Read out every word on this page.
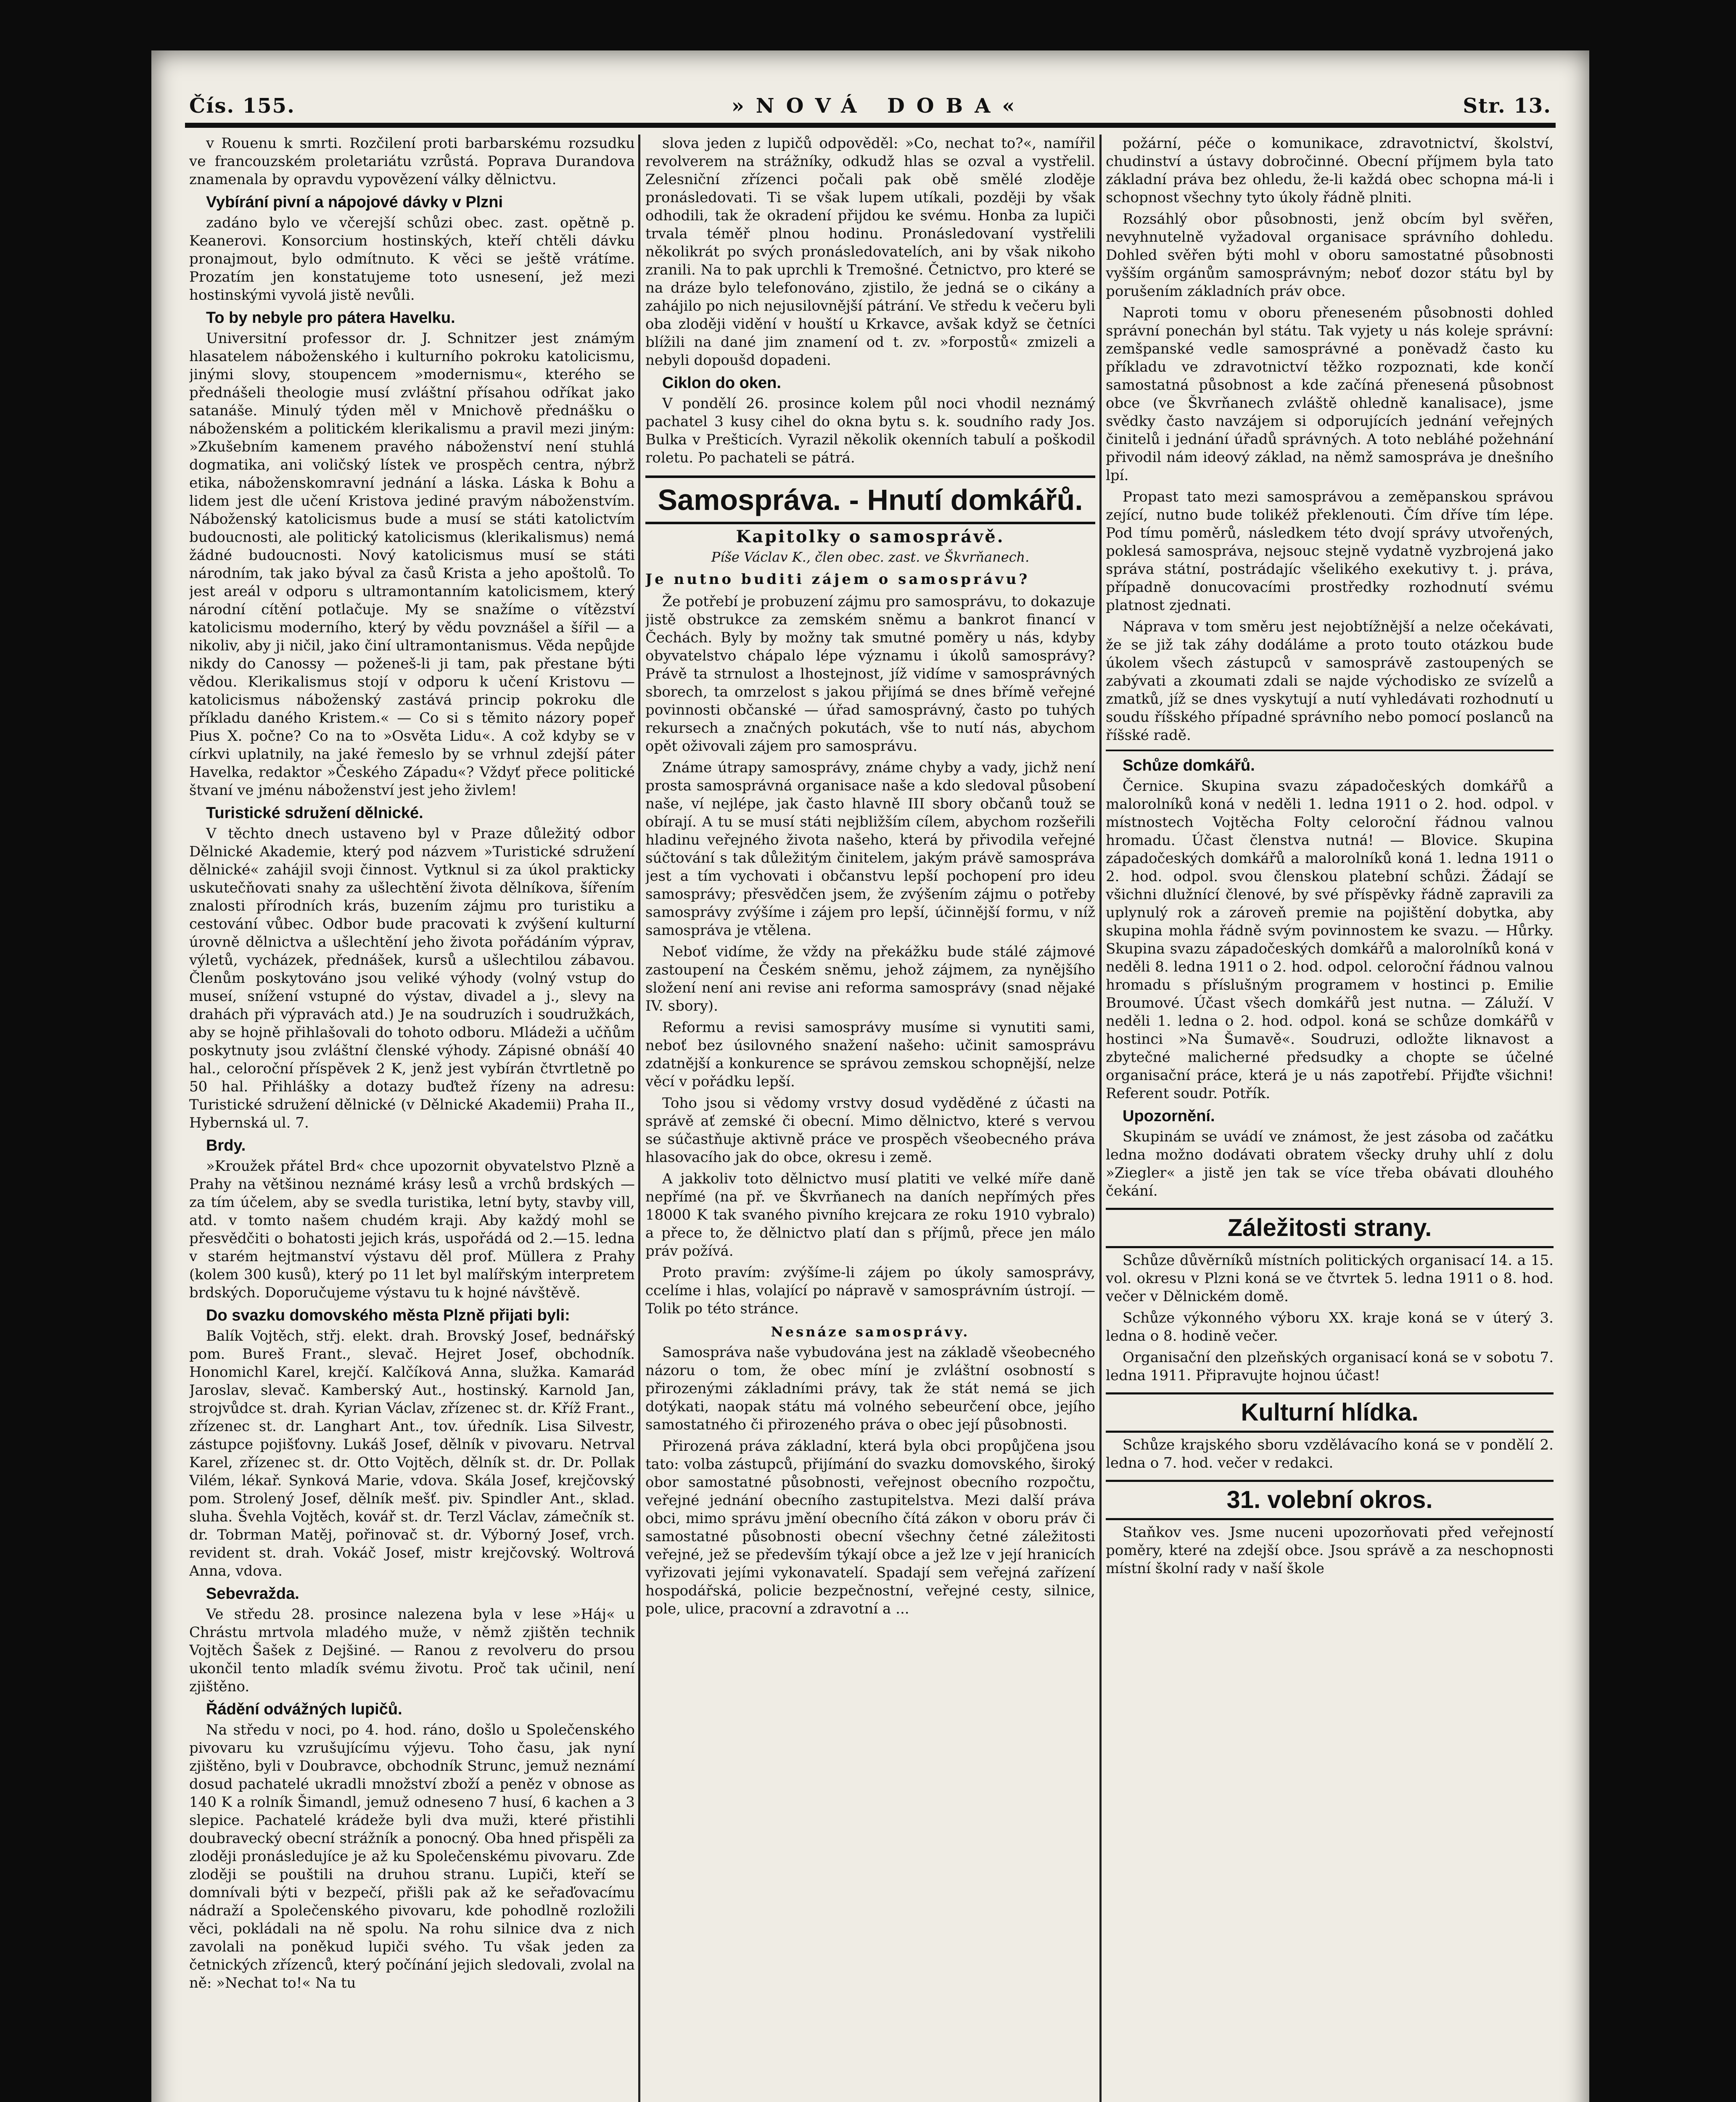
Čís. 155.	»NOVÁ DOBA«	Str. 13.

v Rouenu k smrti. Rozčilení proti barbarskému rozsudku ve francouzském proletariátu vzrůstá. Poprava Durandova znamenala by opravdu vypovězení války dělnictvu.

Vybírání pivní a nápojové dávky v Plzni

zadáno bylo ve včerejší schůzi obec. zast. opětně p. Keanerovi. Konsorcium hostinských, kteří chtěli dávku pronajmout, bylo odmítnuto. K věci se ještě vrátíme. Prozatím jen konstatujeme toto usnesení, jež mezi hostinskými vyvolá jistě nevůli.

To by nebyle pro pátera Havelku.

Universitní professor dr. J. Schnitzer jest známým hlasatelem náboženského i kulturního pokroku katolicismu, jinými slovy, stoupencem »modernismu«, kterého se přednášeli theologie musí zvláštní přísahou odříkat jako satanáše. Minulý týden měl v Mnichově přednášku o náboženském a politickém klerikalismu a pravil mezi jiným: »Zkušebním kamenem pravého náboženství není stuhlá dogmatika, ani voličský lístek ve prospěch centra, nýbrž etika, náboženskomravní jednání a láska. Láska k Bohu a lidem jest dle učení Kristova jediné pravým náboženstvím. Náboženský katolicismus bude a musí se státi katolictvím budoucnosti, ale politický katolicismus (klerikalismus) nemá žádné budoucnosti. Nový katolicismus musí se státi národním, tak jako býval za časů Krista a jeho apoštolů. To jest areál v odporu s ultramontanním katolicismem, který národní cítění potlačuje. My se snažíme o vítězství katolicismu moderního, který by vědu povznášel a šířil — a nikoliv, aby ji ničil, jako činí ultramontanismus. Věda nepůjde nikdy do Canossy — poženeš-li ji tam, pak přestane býti vědou. Klerikalismus stojí v odporu k učení Kristovu — katolicismus náboženský zastává princip pokroku dle příkladu daného Kristem.« — Co si s těmito názory popeř Pius X. počne? Co na to »Osvěta Lidu«. A což kdyby se v církvi uplatnily, na jaké řemeslo by se vrhnul zdejší páter Havelka, redaktor »Českého Západu«? Vždyť přece politické štvaní ve jménu náboženství jest jeho živlem!

Turistické sdružení dělnické.

V těchto dnech ustaveno byl v Praze důležitý odbor Dělnické Akademie, který pod názvem »Turistické sdružení dělnické« zahájil svoji činnost. Vytknul si za úkol prakticky uskutečňovati snahy za ušlechtění života dělníkova, šířením znalosti přírodních krás, buzením zájmu pro turistiku a cestování vůbec. Odbor bude pracovati k zvýšení kulturní úrovně dělnictva a ušlechtění jeho života pořádáním výprav, výletů, vycházek, přednášek, kursů a ušlechtilou zábavou. Členům poskytováno jsou veliké výhody (volný vstup do museí, snížení vstupné do výstav, divadel a j., slevy na drahách při výpravách atd.) Je na soudruzích i soudružkách, aby se hojně přihlašovali do tohoto odboru. Mládeži a učňům poskytnuty jsou zvláštní členské výhody. Zápisné obnáší 40 hal., celoroční příspěvek 2 K, jenž jest vybírán čtvrtletně po 50 hal. Přihlášky a dotazy buďtež řízeny na adresu: Turistické sdružení dělnické (v Dělnické Akademii) Praha II., Hybernská ul. 7.

Brdy.

»Kroužek přátel Brd« chce upozornit obyvatelstvo Plzně a Prahy na většinou neznámé krásy lesů a vrchů brdských — za tím účelem, aby se svedla turistika, letní byty, stavby vill, atd. v tomto našem chudém kraji. Aby každý mohl se přesvědčiti o bohatosti jejich krás, uspořádá od 2.—15. ledna v starém hejtmanství výstavu děl prof. Müllera z Prahy (kolem 300 kusů), který po 11 let byl malířským interpretem brdských. Doporučujeme výstavu tu k hojné návštěvě.

Do svazku domovského města Plzně přijati byli:

Balík Vojtěch, střj. elekt. drah. Brovský Josef, bednářský pom. Bureš Frant., slevač. Hejret Josef, obchodník. Honomichl Karel, krejčí. Kalčíková Anna, služka. Kamarád Jaroslav, slevač. Kamberský Aut., hostinský. Karnold Jan, strojvůdce st. drah. Kyrian Václav, zřízenec st. dr. Kříž Frant., zřízenec st. dr. Langhart Ant., tov. úředník. Lisa Silvestr, zástupce pojišťovny. Lukáš Josef, dělník v pivovaru. Netrval Karel, zřízenec st. dr. Otto Vojtěch, dělník st. dr. Dr. Pollak Vilém, lékař. Synková Marie, vdova. Skála Josef, krejčovský pom. Strolený Josef, dělník mešť. piv. Spindler Ant., sklad. sluha. Švehla Vojtěch, kovář st. dr. Terzl Václav, zámečník st. dr. Tobrman Matěj, pořinovač st. dr. Výborný Josef, vrch. revident st. drah. Vokáč Josef, mistr krejčovský. Woltrová Anna, vdova.

Sebevražda.

Ve středu 28. prosince nalezena byla v lese »Háj« u Chrástu mrtvola mladého muže, v němž zjištěn technik Vojtěch Šašek z Dejšiné. — Ranou z revolveru do prsou ukončil tento mladík svému životu. Proč tak učinil, není zjištěno.

Řádění odvážných lupičů.

Na středu v noci, po 4. hod. ráno, došlo u Společenského pivovaru ku vzrušujícímu výjevu. Toho času, jak nyní zjištěno, byli v Doubravce, obchodník Strunc, jemuž neznámí dosud pachatelé ukradli množství zboží a peněz v obnose as 140 K a rolník Šimandl, jemuž odneseno 7 husí, 6 kachen a 3 slepice. Pachatelé krádeže byli dva muži, které přistihli doubravecký obecní strážník a ponocný. Oba hned přispěli za zloději pronásledujíce je až ku Společenskému pivovaru. Zde zloději se pouštili na druhou stranu. Lupiči, kteří se domnívali býti v bezpečí, přišli pak až ke seřaďovacímu nádraží a Společenského pivovaru, kde pohodlně rozložili věci, pokládali na ně spolu. Na rohu silnice dva z nich zavolali na poněkud lupiči svého. Tu však jeden za četnických zřízenců, který počínání jejich sledovali, zvolal na ně: »Nechat to!« Na tu

slova jeden z lupičů odpověděl: »Co, nechat to?«, namířil revolverem na strážníky, odkudž hlas se ozval a vystřelil. Zelesniční zřízenci počali pak obě smělé zloděje pronásledovati. Ti se však lupem utíkali, později by však odhodili, tak že okradení přijdou ke svému. Honba za lupiči trvala téměř plnou hodinu. Pronásledovaní vystřelili několikrát po svých pronásledovatelích, ani by však nikoho zranili. Na to pak uprchli k Tremošné. Četnictvo, pro které se na dráze bylo telefonováno, zjistilo, že jedná se o cikány a zahájilo po nich nejusilovnější pátrání. Ve středu k večeru byli oba zloději vidění v houští u Krkavce, avšak když se četníci blížili na dané jim znamení od t. zv. »forpostů« zmizeli a nebyli dopoušd dopadeni.

Ciklon do oken.

V pondělí 26. prosince kolem půl noci vhodil neznámý pachatel 3 kusy cihel do okna bytu s. k. soudního rady Jos. Bulka v Prešticích. Vyrazil několik okenních tabulí a poškodil roletu. Po pachateli se pátrá.

Samospráva. - Hnutí domkářů.
Kapitolky o samosprávě.
Píše Václav K., člen obec. zast. ve Škvrňanech.
Je nutno buditi zájem o samosprávu?

Že potřebí je probuzení zájmu pro samosprávu, to dokazuje jistě obstrukce za zemském sněmu a bankrot financí v Čechách. Byly by možny tak smutné poměry u nás, kdyby obyvatelstvo chápalo lépe významu i úkolů samosprávy? Právě ta strnulost a lhostejnost, jíž vidíme v samosprávných sborech, ta omrzelost s jakou přijímá se dnes břímě veřejné povinnosti občanské — úřad samosprávný, často po tuhých rekursech a značných pokutách, vše to nutí nás, abychom opět oživovali zájem pro samosprávu.

Známe útrapy samosprávy, známe chyby a vady, jichž není prosta samosprávná organisace naše a kdo sledoval působení naše, ví nejlépe, jak často hlavně III sbory občanů touž se obírají. A tu se musí státi nejbližším cílem, abychom rozšeřili hladinu veřejného života našeho, která by přivodila veřejné súčtování s tak důležitým činitelem, jakým právě samospráva jest a tím vychovati i občanstvu lepší pochopení pro ideu samosprávy; přesvědčen jsem, že zvýšením zájmu o potřeby samosprávy zvýšíme i zájem pro lepší, účinnější formu, v níž samospráva je vtělena.

Neboť vidíme, že vždy na překážku bude stálé zájmové zastoupení na Českém sněmu, jehož zájmem, za nynějšího složení není ani revise ani reforma samosprávy (snad nějaké IV. sbory).

Reformu a revisi samosprávy musíme si vynutiti sami, neboť bez úsilovného snažení našeho: učinit samosprávu zdatnější a konkurence se správou zemskou schopnější, nelze věcí v pořádku lepší.

Toho jsou si vědomy vrstvy dosud vyděděné z účasti na správě ať zemské či obecní. Mimo dělnictvo, které s vervou se súčastňuje aktivně práce ve prospěch všeobecného práva hlasovacího jak do obce, okresu i země.

A jakkoliv toto dělnictvo musí platiti ve velké míře daně nepřímé (na př. ve Škvrňanech na daních nepřímých přes 18000 K tak svaného pivního krejcara ze roku 1910 vybralo) a přece to, že dělnictvo platí dan s příjmů, přece jen málo práv požívá.

Proto pravím: zvýšíme-li zájem po úkoly samosprávy, ccelíme i hlas, volající po nápravě v samosprávním ústrojí. — Tolik po této stránce.

Nesnáze samosprávy.

Samospráva naše vybudována jest na základě všeobecného názoru o tom, že obec míní je zvláštní osobností s přirozenými základními právy, tak že stát nemá se jich dotýkati, naopak státu má volného sebeurčení obce, jejího samostatného či přirozeného práva o obec její působnosti.

Přirozená práva základní, která byla obci propůjčena jsou tato: volba zástupců, přijímání do svazku domovského, široký obor samostatné působnosti, veřejnost obecního rozpočtu, veřejné jednání obecního zastupitelstva. Mezi další práva obci, mimo správu jmění obecního čítá zákon v oboru práv či samostatné působnosti obecní všechny četné záležitosti veřejné, jež se především týkají obce a jež lze v její hranicích vyřizovati jejími vykonavatelí. Spadají sem veřejná zařízení hospodářská, policie bezpečnostní, veřejné cesty, silnice, pole, ulice, pracovní a zdravotní a ...

požární, péče o komunikace, zdravotnictví, školství, chudinství a ústavy dobročinné. Obecní příjmem byla tato základní práva bez ohledu, že-li každá obec schopna má-li i schopnost všechny tyto úkoly řádně plniti.

Rozsáhlý obor působnosti, jenž obcím byl svěřen, nevyhnutelně vyžadoval organisace správního dohledu. Dohled svěřen býti mohl v oboru samostatné působnosti vyšším orgánům samosprávným; neboť dozor státu byl by porušením základních práv obce.

Naproti tomu v oboru přeneseném působnosti dohled správní ponechán byl státu. Tak vyjety u nás koleje správní: zemšpanské vedle samosprávné a poněvadž často ku příkladu ve zdravotnictví těžko rozpoznati, kde končí samostatná působnost a kde začíná přenesená působnost obce (ve Škvrňanech zvláště ohledně kanalisace), jsme svědky často navzájem si odporujících jednání veřejných činitelů i jednání úřadů správných. A toto nebláhé požehnání přivodil nám ideový základ, na němž samospráva je dnešního lpí.

Propast tato mezi samosprávou a zeměpanskou správou zející, nutno bude tolikéž překlenouti. Čím dříve tím lépe. Pod tímu poměrů, následkem této dvojí správy utvořených, poklesá samospráva, nejsouc stejně vydatně vyzbrojená jako správa státní, postrádajíc všelikého exekutivy t. j. práva, případně donucovacími prostředky rozhodnutí svému platnost zjednati.

Náprava v tom směru jest nejobtížnější a nelze očekávati, že se již tak záhy dodáláme a proto touto otázkou bude úkolem všech zástupců v samosprávě zastoupených se zabývati a zkoumati zdali se najde východisko ze svízelů a zmatků, jíž se dnes vyskytují a nutí vyhledávati rozhodnutí u soudu říšského případné správního nebo pomocí poslanců na říšské radě.

Schůze domkářů.

Černice. Skupina svazu západočeských domkářů a malorolníků koná v neděli 1. ledna 1911 o 2. hod. odpol. v místnostech Vojtěcha Folty celoroční řádnou valnou hromadu. Účast členstva nutná! — Blovice. Skupina západočeských domkářů a malorolníků koná 1. ledna 1911 o 2. hod. odpol. svou členskou platební schůzi. Žádají se všichni dlužnící členové, by své příspěvky řádně zapravili za uplynulý rok a zároveň premie na pojištění dobytka, aby skupina mohla řádně svým povinnostem ke svazu. — Hůrky. Skupina svazu západočeských domkářů a malorolníků koná v neděli 8. ledna 1911 o 2. hod. odpol. celoroční řádnou valnou hromadu s příslušným programem v hostinci p. Emilie Broumové. Účast všech domkářů jest nutna. — Záluží. V neděli 1. ledna o 2. hod. odpol. koná se schůze domkářů v hostinci »Na Šumavě«. Soudruzi, odložte liknavost a zbytečné malicherné předsudky a chopte se účelné organisační práce, která je u nás zapotřebí. Přijďte všichni! Referent soudr. Potřík.

Upozornění.

Skupinám se uvádí ve známost, že jest zásoba od začátku ledna možno dodávati obratem všecky druhy uhlí z dolu »Ziegler« a jistě jen tak se více třeba obávati dlouhého čekání.

Záležitosti strany.

Schůze důvěrníků místních politických organisací 14. a 15. vol. okresu v Plzni koná se ve čtvrtek 5. ledna 1911 o 8. hod. večer v Dělnickém domě.

Schůze výkonného výboru XX. kraje koná se v úterý 3. ledna o 8. hodině večer.

Organisační den plzeňských organisací koná se v sobotu 7. ledna 1911. Připravujte hojnou účast!

Kulturní hlídka.

Schůze krajského sboru vzdělávacího koná se v pondělí 2. ledna o 7. hod. večer v redakci.

31. volební okros.

Staňkov ves. Jsme nuceni upozorňovati před veřejností poměry, které na zdejší obce. Jsou správě a za neschopnosti místní školní rady v naší škole
